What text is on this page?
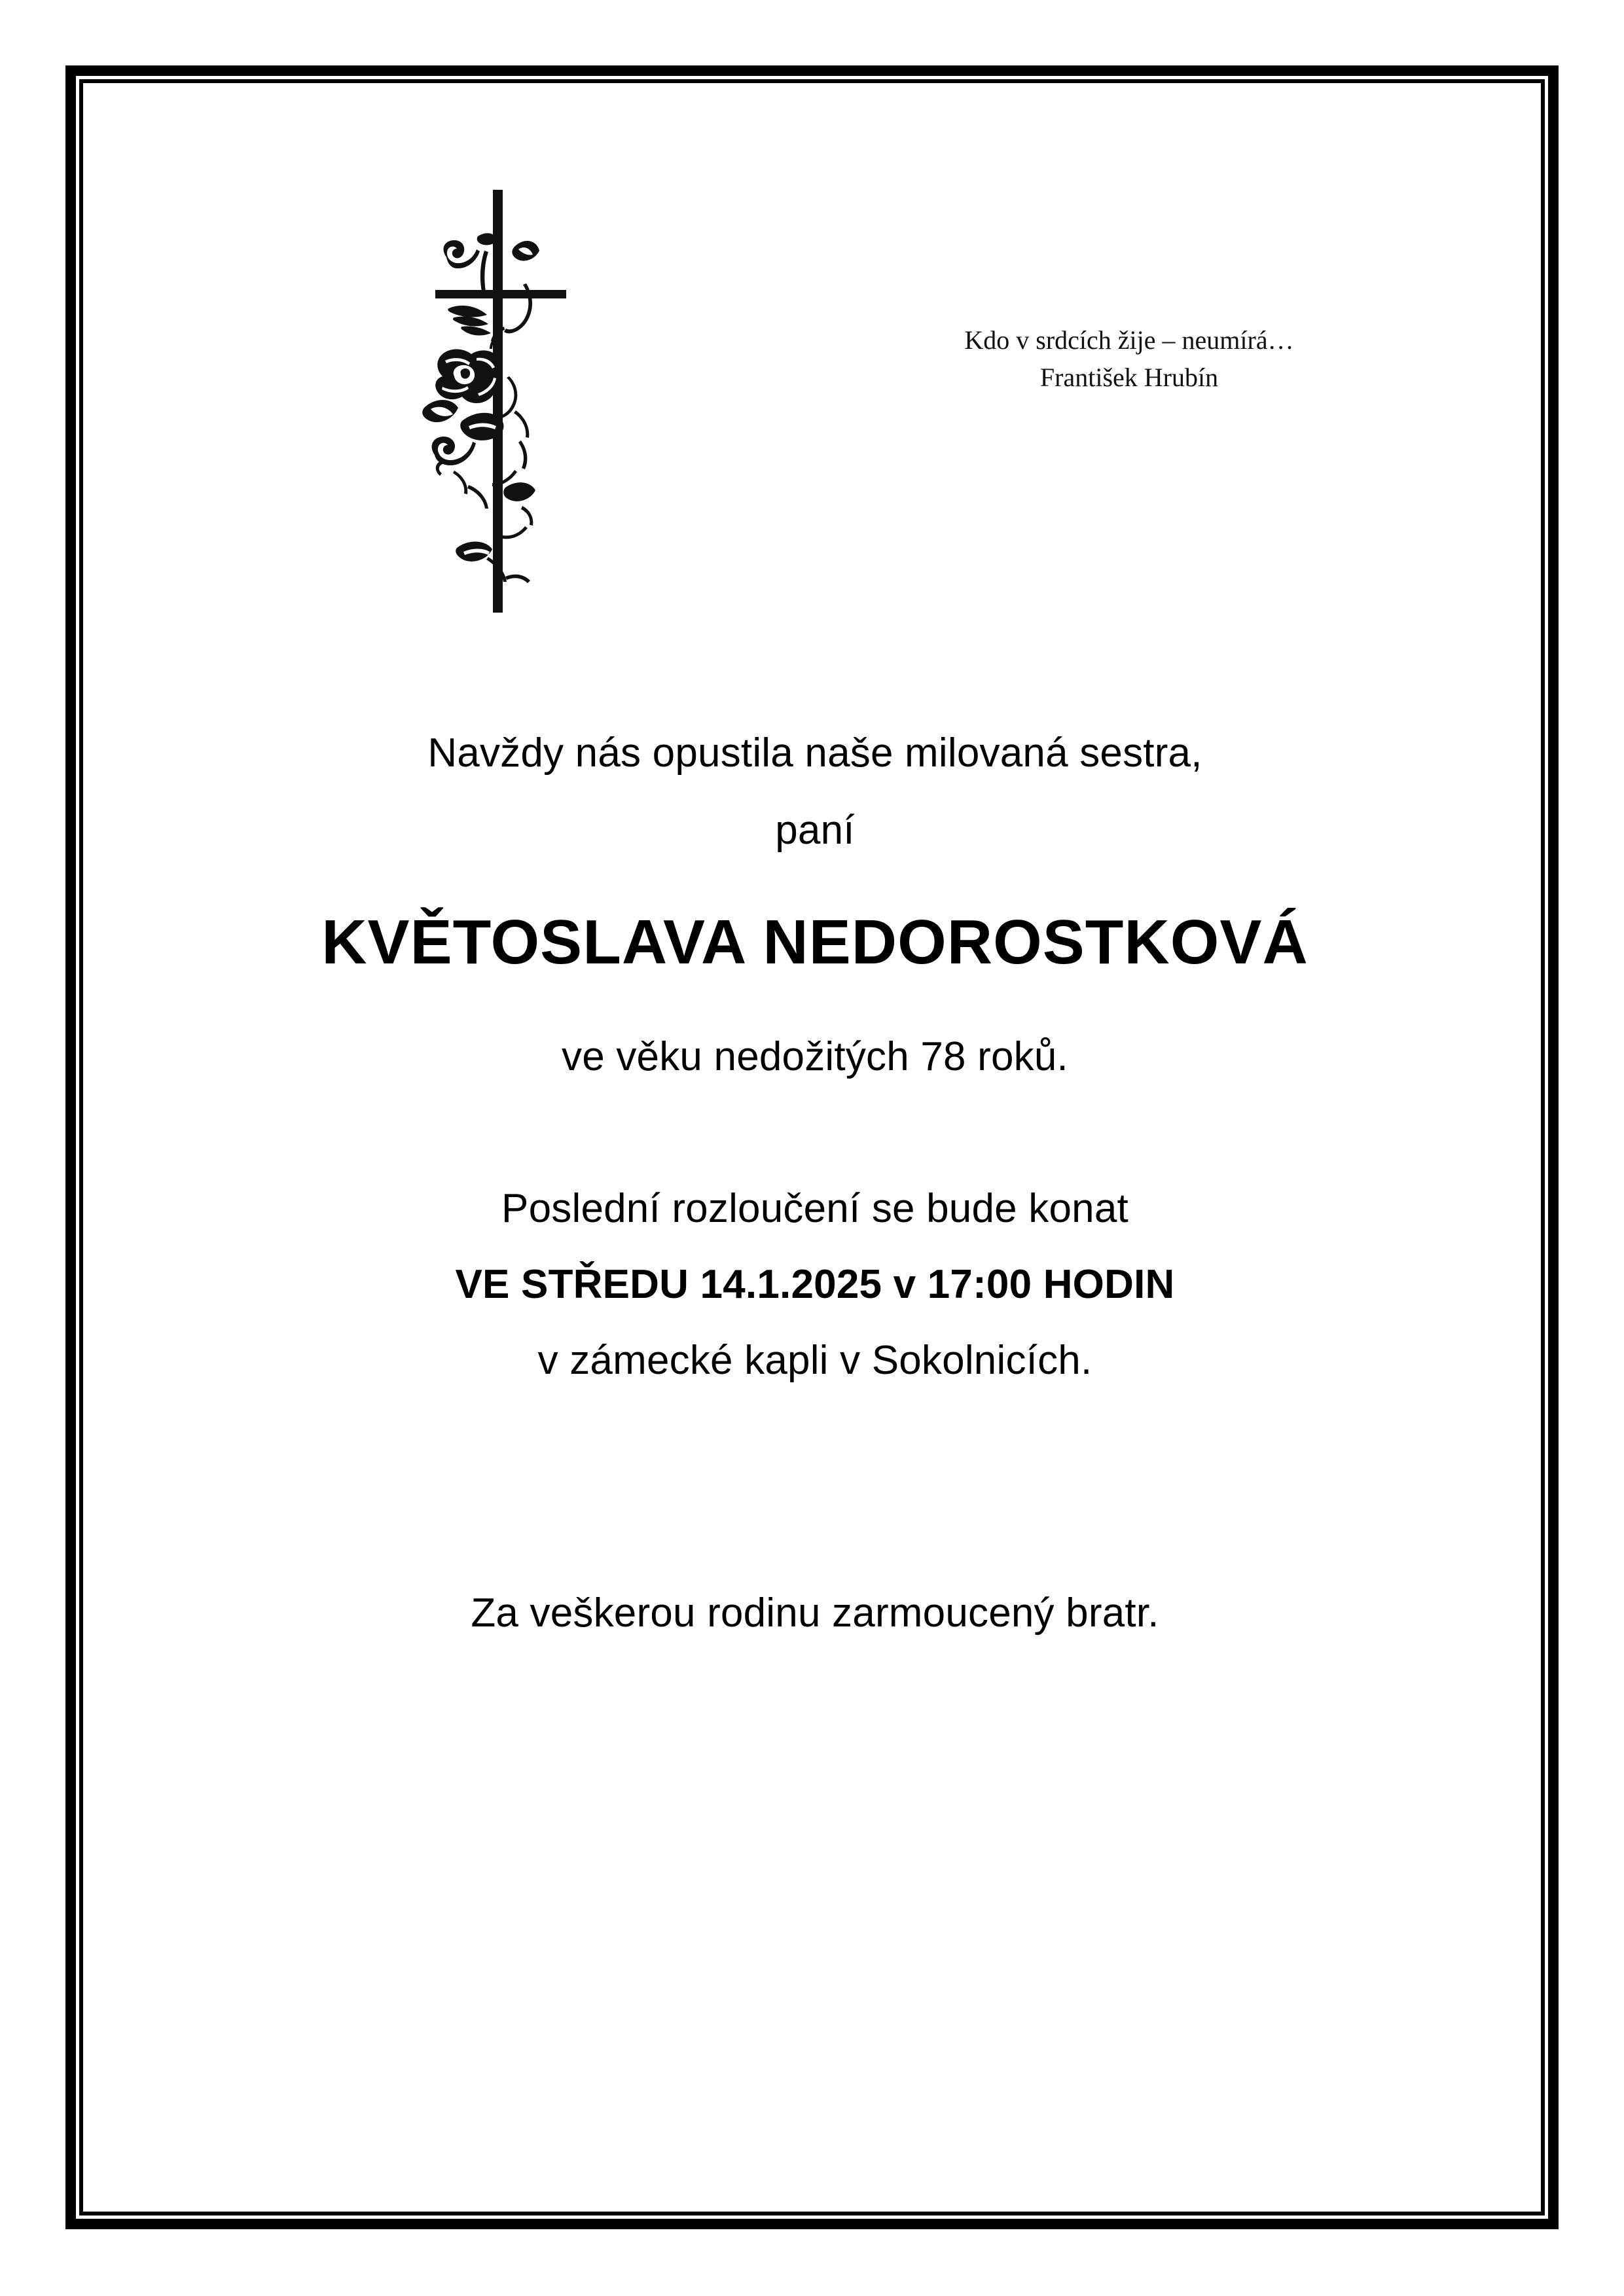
Kdo v srdcích žije – neumírá…
František Hrubín
Navždy nás opustila naše milovaná sestra,
paní
KVĚTOSLAVA NEDOROSTKOVÁ
ve věku nedožitých 78 roků.
Poslední rozloučení se bude konat
VE STŘEDU 14.1.2025 v 17:00 HODIN
v zámecké kapli v Sokolnicích.
Za veškerou rodinu zarmoucený bratr.
